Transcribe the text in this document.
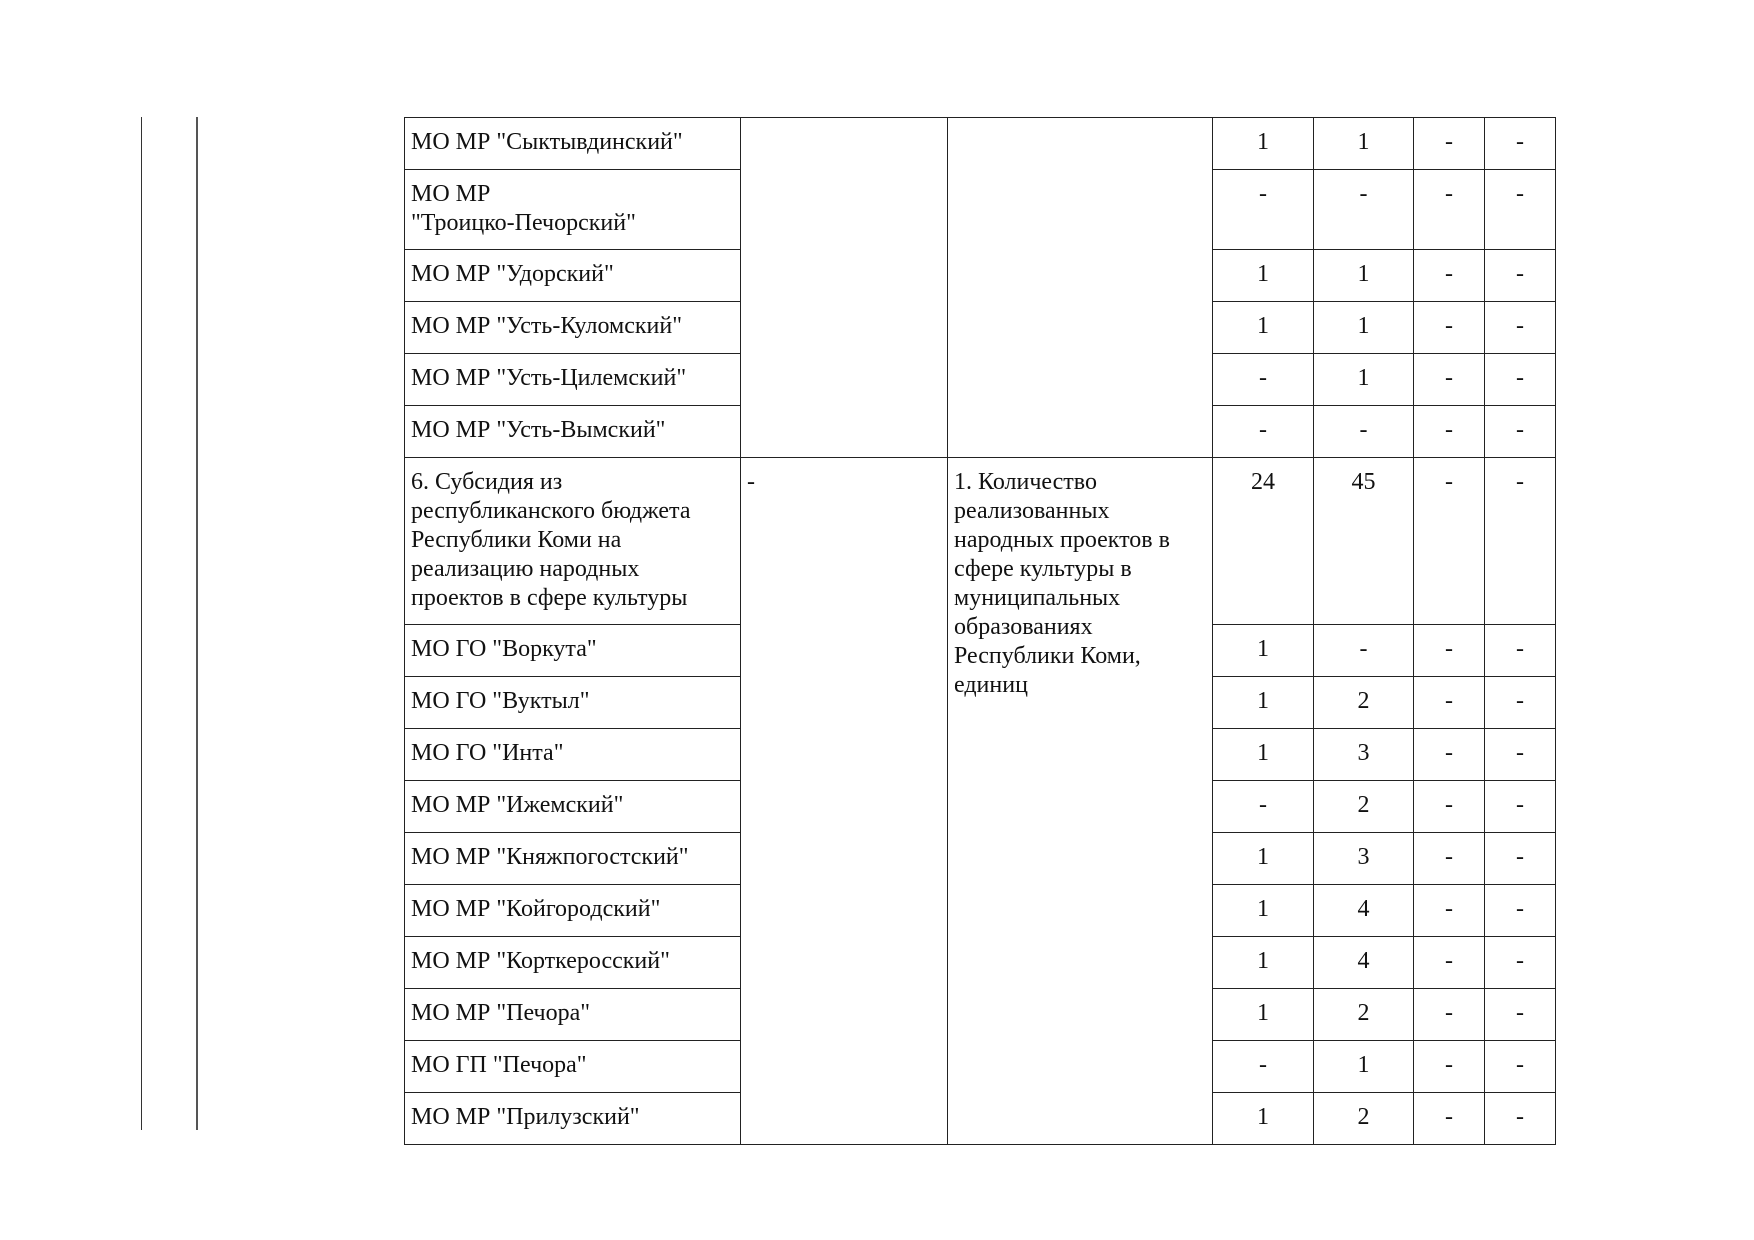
МО МР "Сыктывдинский"			1	1	-	-
МО МР
"Троицко-Печорский"			-	-	-	-
МО МР "Удорский"			1	1	-	-
МО МР "Усть-Куломский"			1	1	-	-
МО МР "Усть-Цилемский"			-	1	-	-
МО МР "Усть-Вымский"			-	-	-	-
6. Субсидия из республиканского бюджета Республики Коми на реализацию народных проектов в сфере культуры	-	1. Количество реализованных народных проектов в сфере культуры в муниципальных образованиях Республики Коми, единиц	24	45	-	-
МО ГО "Воркута"			1	-	-	-
МО ГО "Вуктыл"			1	2	-	-
МО ГО "Инта"			1	3	-	-
МО МР "Ижемский"			-	2	-	-
МО МР "Княжпогостский"			1	3	-	-
МО МР "Койгородский"			1	4	-	-
МО МР "Корткеросский"			1	4	-	-
МО МР "Печора"			1	2	-	-
МО ГП "Печора"			-	1	-	-
МО МР "Прилузский"			1	2	-	-
